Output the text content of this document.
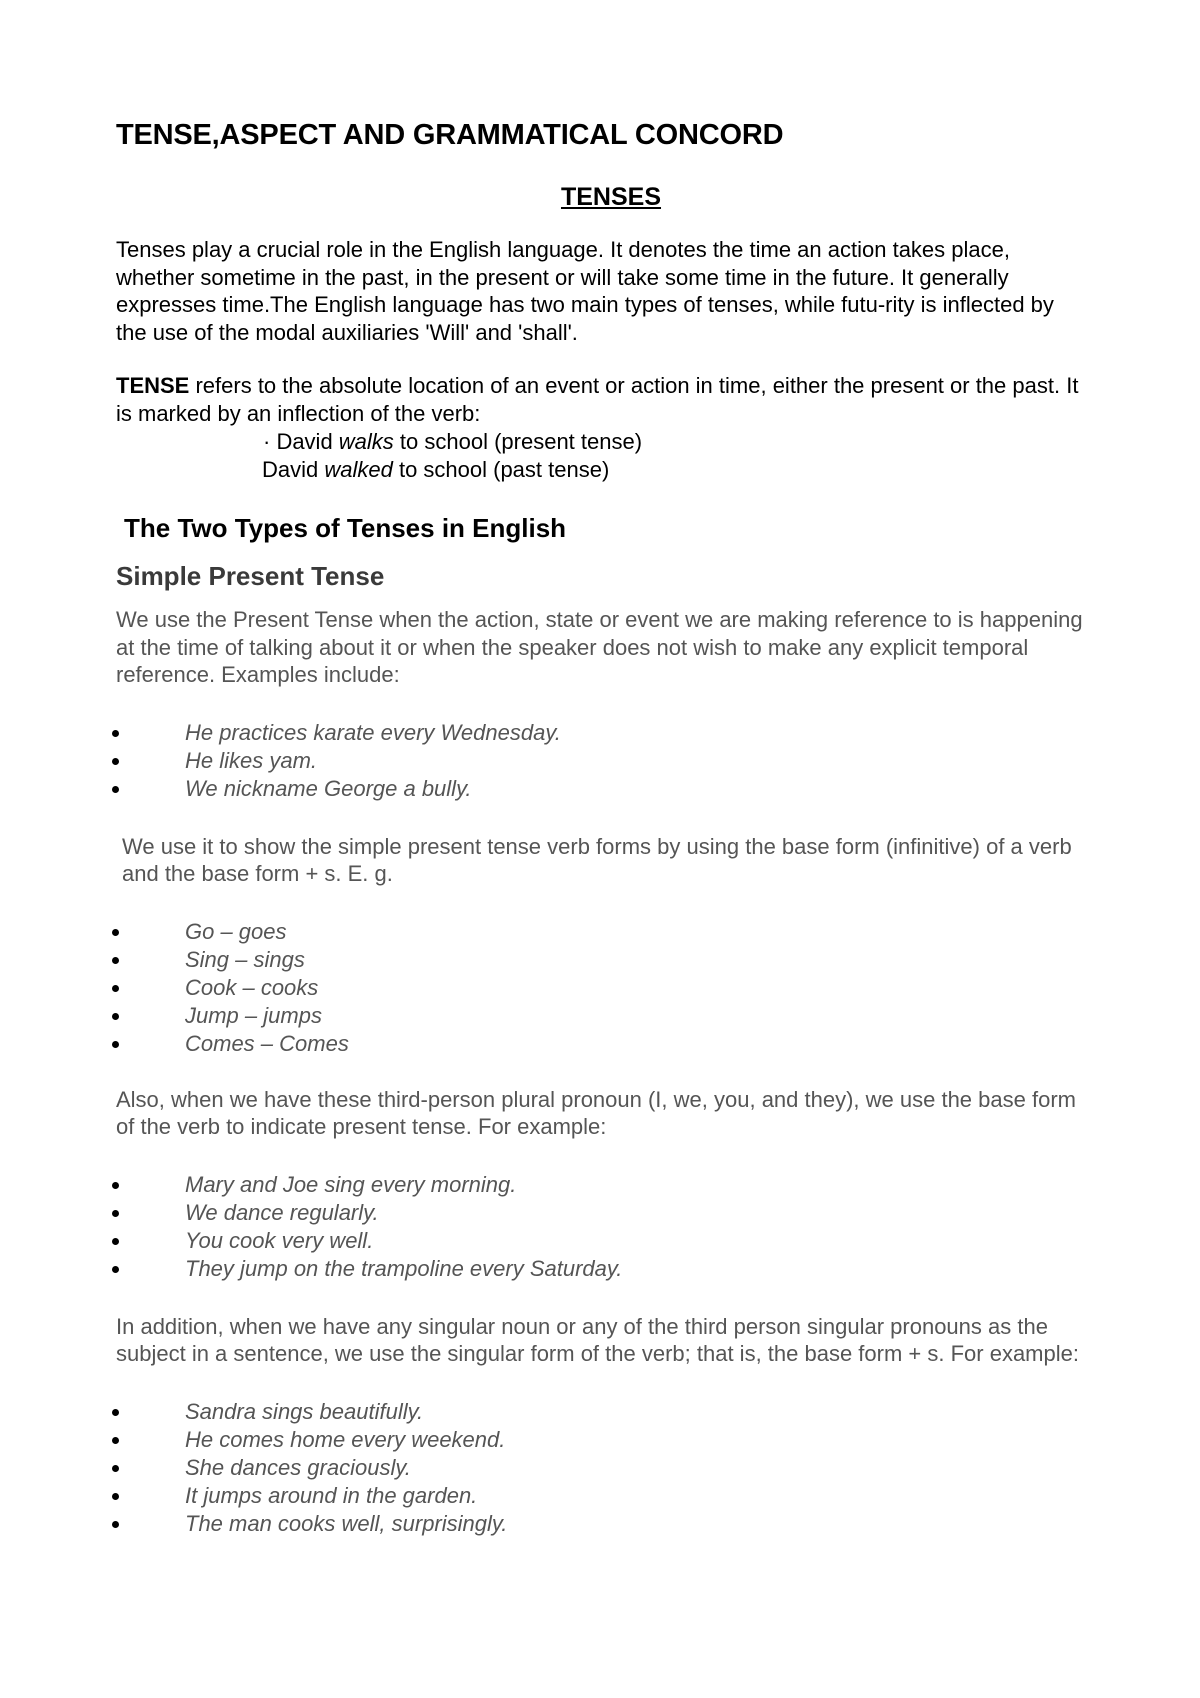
TENSE,ASPECT AND GRAMMATICAL CONCORD
TENSES

Tenses play a crucial role in the English language. It denotes the time an action takes place, whether sometime in the past, in the present or will take some time in the future. It generally expresses time.The English language has two main types of tenses, while futu-rity is inflected by the use of the modal auxiliaries 'Will' and 'shall'.

TENSE refers to the absolute location of an event or action in time, either the present or the past. It is marked by an inflection of the verb:

· David walks to school (present tense)

David walked to school (past tense)

The Two Types of Tenses in English
Simple Present Tense

We use the Present Tense when the action, state or event we are making reference to is happening at the time of talking about it or when the speaker does not wish to make any explicit temporal reference. Examples include:

He practices karate every Wednesday.
He likes yam.
We nickname George a bully.

We use it to show the simple present tense verb forms by using the base form (infinitive) of a verb and the base form + s. E. g.

Go – goes
Sing – sings
Cook – cooks
Jump – jumps
Comes – Comes

Also, when we have these third-person plural pronoun (I, we, you, and they), we use the base form of the verb to indicate present tense. For example:

Mary and Joe sing every morning.
We dance regularly.
You cook very well.
They jump on the trampoline every Saturday.

In addition, when we have any singular noun or any of the third person singular pronouns as the subject in a sentence, we use the singular form of the verb; that is, the base form + s. For example:

Sandra sings beautifully.
He comes home every weekend.
She dances graciously.
It jumps around in the garden.
The man cooks well, surprisingly.
